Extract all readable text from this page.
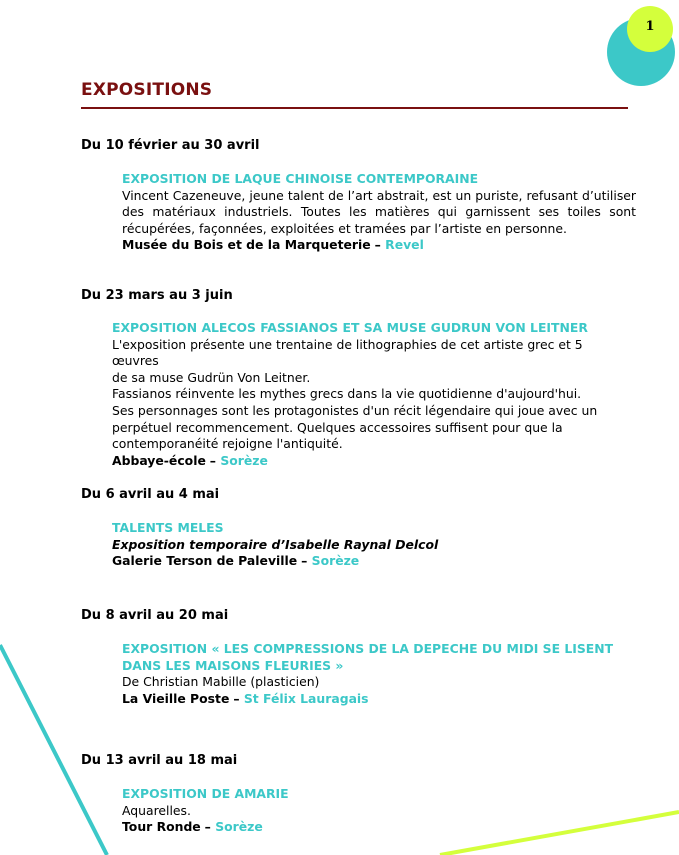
1
EXPOSITIONS
Du 10 février au 30 avril
EXPOSITION DE LAQUE CHINOISE CONTEMPORAINE
Vincent Cazeneuve, jeune talent de l’art abstrait, est un puriste, refusant d’utiliser des matériaux industriels. Toutes les matières qui garnissent ses toiles sont récupérées, façonnées, exploitées et tramées par l’artiste en personne.
Musée du Bois et de la Marqueterie – Revel
Du 23 mars au 3 juin
EXPOSITION ALECOS FASSIANOS ET SA MUSE GUDRUN VON LEITNER
L'exposition présente une trentaine de lithographies de cet artiste grec et 5 œuvres
de sa muse Gudrün Von Leitner.
Fassianos réinvente les mythes grecs dans la vie quotidienne d'aujourd'hui.
Ses personnages sont les protagonistes d'un récit légendaire qui joue avec un
perpétuel recommencement. Quelques accessoires suffisent pour que la
contemporanéité rejoigne l'antiquité.
Abbaye-école – Sorèze
Du 6 avril au 4 mai
TALENTS MELES
Exposition temporaire d’Isabelle Raynal Delcol
Galerie Terson de Paleville – Sorèze
Du 8 avril au 20 mai
EXPOSITION « LES COMPRESSIONS DE LA DEPECHE DU MIDI SE LISENT
DANS LES MAISONS FLEURIES »
De Christian Mabille (plasticien)
La Vieille Poste – St Félix Lauragais
Du 13 avril au 18 mai
EXPOSITION DE AMARIE
Aquarelles.
Tour Ronde – Sorèze
